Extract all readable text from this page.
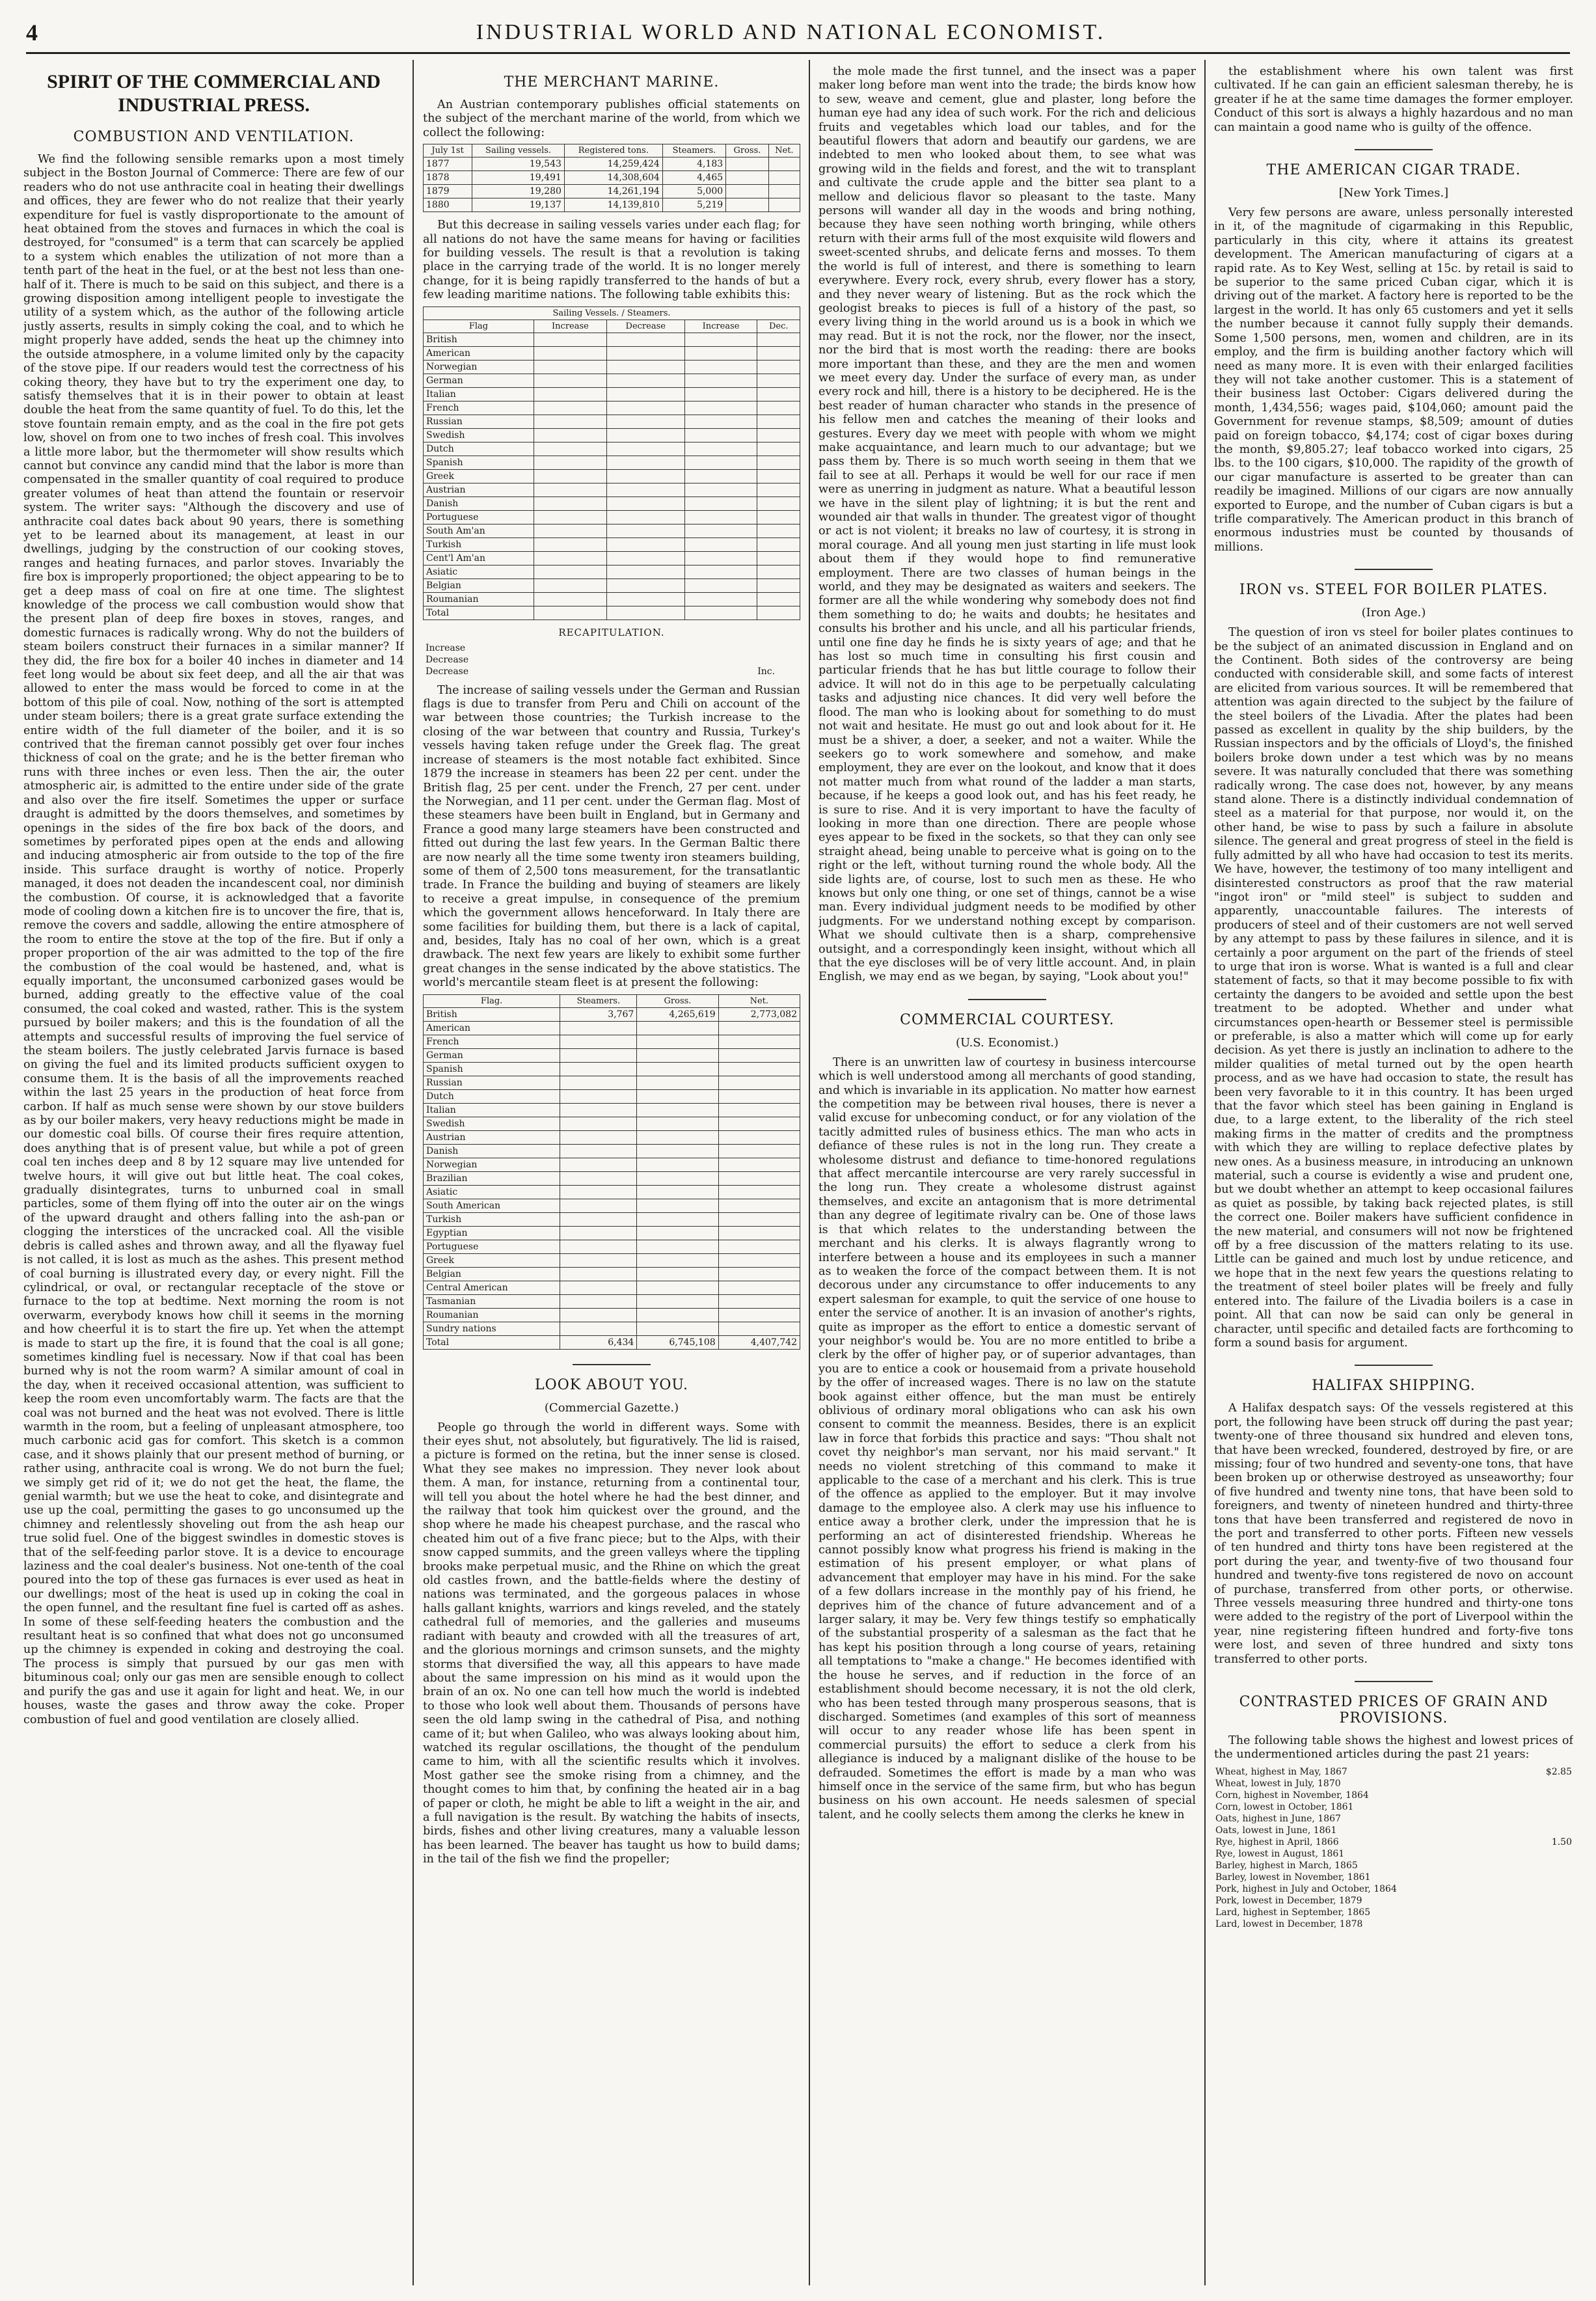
4	INDUSTRIAL WORLD AND NATIONAL ECONOMIST.
SPIRIT OF THE COMMERCIAL AND INDUSTRIAL PRESS.
COMBUSTION AND VENTILATION.

We find the following sensible remarks upon a most timely subject in the Boston Journal of Commerce: There are few of our readers who do not use anthracite coal in heating their dwellings and offices, they are fewer who do not realize that their yearly expenditure for fuel is vastly disproportionate to the amount of heat obtained from the stoves and furnaces in which the coal is destroyed, for "consumed" is a term that can scarcely be applied to a system which enables the utilization of not more than a tenth part of the heat in the fuel, or at the best not less than one-half of it. There is much to be said on this subject, and there is a growing disposition among intelligent people to investigate the utility of a system which, as the author of the following article justly asserts, results in simply coking the coal, and to which he might properly have added, sends the heat up the chimney into the outside atmosphere, in a volume limited only by the capacity of the stove pipe. If our readers would test the correctness of his coking theory, they have but to try the experiment one day, to satisfy themselves that it is in their power to obtain at least double the heat from the same quantity of fuel. To do this, let the stove fountain remain empty, and as the coal in the fire pot gets low, shovel on from one to two inches of fresh coal. This involves a little more labor, but the thermometer will show results which cannot but convince any candid mind that the labor is more than compensated in the smaller quantity of coal required to produce greater volumes of heat than attend the fountain or reservoir system. The writer says: "Although the discovery and use of anthracite coal dates back about 90 years, there is something yet to be learned about its management, at least in our dwellings, judging by the construction of our cooking stoves, ranges and heating furnaces, and parlor stoves. Invariably the fire box is improperly proportioned; the object appearing to be to get a deep mass of coal on fire at one time. The slightest knowledge of the process we call combustion would show that the present plan of deep fire boxes in stoves, ranges, and domestic furnaces is radically wrong. Why do not the builders of steam boilers construct their furnaces in a similar manner? If they did, the fire box for a boiler 40 inches in diameter and 14 feet long would be about six feet deep, and all the air that was allowed to enter the mass would be forced to come in at the bottom of this pile of coal. Now, nothing of the sort is attempted under steam boilers; there is a great grate surface extending the entire width of the full diameter of the boiler, and it is so contrived that the fireman cannot possibly get over four inches thickness of coal on the grate; and he is the better fireman who runs with three inches or even less. Then the air, the outer atmospheric air, is admitted to the entire under side of the grate and also over the fire itself. Sometimes the upper or surface draught is admitted by the doors themselves, and sometimes by openings in the sides of the fire box back of the doors, and sometimes by perforated pipes open at the ends and allowing and inducing atmospheric air from outside to the top of the fire inside. This surface draught is worthy of notice. Properly managed, it does not deaden the incandescent coal, nor diminish the combustion. Of course, it is acknowledged that a favorite mode of cooling down a kitchen fire is to uncover the fire, that is, remove the covers and saddle, allowing the entire atmosphere of the room to entire the stove at the top of the fire. But if only a proper proportion of the air was admitted to the top of the fire the combustion of the coal would be hastened, and, what is equally important, the unconsumed carbonized gases would be burned, adding greatly to the effective value of the coal consumed, the coal coked and wasted, rather. This is the system pursued by boiler makers; and this is the foundation of all the attempts and successful results of improving the fuel service of the steam boilers. The justly celebrated Jarvis furnace is based on giving the fuel and its limited products sufficient oxygen to consume them. It is the basis of all the improvements reached within the last 25 years in the production of heat force from carbon. If half as much sense were shown by our stove builders as by our boiler makers, very heavy reductions might be made in our domestic coal bills. Of course their fires require attention, does anything that is of present value, but while a pot of green coal ten inches deep and 8 by 12 square may live untended for twelve hours, it will give out but little heat. The coal cokes, gradually disintegrates, turns to unburned coal in small particles, some of them flying off into the outer air on the wings of the upward draught and others falling into the ash-pan or clogging the interstices of the uncracked coal. All the visible debris is called ashes and thrown away, and all the flyaway fuel is not called, it is lost as much as the ashes. This present method of coal burning is illustrated every day, or every night. Fill the cylindrical, or oval, or rectangular receptacle of the stove or furnace to the top at bedtime. Next morning the room is not overwarm, everybody knows how chill it seems in the morning and how cheerful it is to start the fire up. Yet when the attempt is made to start up the fire, it is found that the coal is all gone; sometimes kindling fuel is necessary. Now if that coal has been burned why is not the room warm? A similar amount of coal in the day, when it received occasional attention, was sufficient to keep the room even uncomfortably warm. The facts are that the coal was not burned and the heat was not evolved. There is little warmth in the room, but a feeling of unpleasant atmosphere, too much carbonic acid gas for comfort. This sketch is a common case, and it shows plainly that our present method of burning, or rather using, anthracite coal is wrong. We do not burn the fuel; we simply get rid of it; we do not get the heat, the flame, the genial warmth; but we use the heat to coke, and disintegrate and use up the coal, permitting the gases to go unconsumed up the chimney and relentlessly shoveling out from the ash heap our true solid fuel. One of the biggest swindles in domestic stoves is that of the self-feeding parlor stove. It is a device to encourage laziness and the coal dealer's business. Not one-tenth of the coal poured into the top of these gas furnaces is ever used as heat in our dwellings; most of the heat is used up in coking the coal in the open funnel, and the resultant fine fuel is carted off as ashes. In some of these self-feeding heaters the combustion and the resultant heat is so confined that what does not go unconsumed up the chimney is expended in coking and destroying the coal. The process is simply that pursued by our gas men with bituminous coal; only our gas men are sensible enough to collect and purify the gas and use it again for light and heat. We, in our houses, waste the gases and throw away the coke. Proper combustion of fuel and good ventilation are closely allied.

THE MERCHANT MARINE.

An Austrian contemporary publishes official statements on the subject of the merchant marine of the world, from which we collect the following:

July 1st	Sailing vessels.	Registered tons.	Steamers.	Gross.	Net.
1877	19,543	14,259,424	4,183		
1878	19,491	14,308,604	4,465		
1879	19,280	14,261,194	5,000		
1880	19,137	14,139,810	5,219		

But this decrease in sailing vessels varies under each flag; for all nations do not have the same means for having or facilities for building vessels. The result is that a revolution is taking place in the carrying trade of the world. It is no longer merely change, for it is being rapidly transferred to the hands of but a few leading maritime nations. The following table exhibits this:

Sailing Vessels. / Steamers.				
Flag	Increase	Decrease	Increase	Dec.
British				
American				
Norwegian				
German				
Italian				
French				
Russian				
Swedish				
Dutch				
Spanish				
Greek				
Austrian				
Danish				
Portuguese				
South Am'an				
Turkish				
Cent'l Am'an				
Asiatic				
Belgian				
Roumanian				
Total				
RECAPITULATION.
Increase				
Decrease				
Decrease			Inc.	

The increase of sailing vessels under the German and Russian flags is due to transfer from Peru and Chili on account of the war between those countries; the Turkish increase to the closing of the war between that country and Russia, Turkey's vessels having taken refuge under the Greek flag. The great increase of steamers is the most notable fact exhibited. Since 1879 the increase in steamers has been 22 per cent. under the British flag, 25 per cent. under the French, 27 per cent. under the Norwegian, and 11 per cent. under the German flag. Most of these steamers have been built in England, but in Germany and France a good many large steamers have been constructed and fitted out during the last few years. In the German Baltic there are now nearly all the time some twenty iron steamers building, some of them of 2,500 tons measurement, for the transatlantic trade. In France the building and buying of steamers are likely to receive a great impulse, in consequence of the premium which the government allows henceforward. In Italy there are some facilities for building them, but there is a lack of capital, and, besides, Italy has no coal of her own, which is a great drawback. The next few years are likely to exhibit some further great changes in the sense indicated by the above statistics. The world's mercantile steam fleet is at present the following:

Flag.	Steamers.	Gross.	Net.
British	3,767	4,265,619	2,773,082
American			
French			
German			
Spanish			
Russian			
Dutch			
Italian			
Swedish			
Austrian			
Danish			
Norwegian			
Brazilian			
Asiatic			
South American			
Turkish			
Egyptian			
Portuguese			
Greek			
Belgian			
Central American			
Tasmanian			
Roumanian			
Sundry nations			
Total	6,434	6,745,108	4,407,742
LOOK ABOUT YOU.
(Commercial Gazette.)

People go through the world in different ways. Some with their eyes shut, not absolutely, but figuratively. The lid is raised, a picture is formed on the retina, but the inner sense is closed. What they see makes no impression. They never look about them. A man, for instance, returning from a continental tour, will tell you about the hotel where he had the best dinner, and the railway that took him quickest over the ground, and the shop where he made his cheapest purchase, and the rascal who cheated him out of a five franc piece; but to the Alps, with their snow capped summits, and the green valleys where the tippling brooks make perpetual music, and the Rhine on which the great old castles frown, and the battle-fields where the destiny of nations was terminated, and the gorgeous palaces in whose halls gallant knights, warriors and kings reveled, and the stately cathedral full of memories, and the galleries and museums radiant with beauty and crowded with all the treasures of art, and the glorious mornings and crimson sunsets, and the mighty storms that diversified the way, all this appears to have made about the same impression on his mind as it would upon the brain of an ox. No one can tell how much the world is indebted to those who look well about them. Thousands of persons have seen the old lamp swing in the cathedral of Pisa, and nothing came of it; but when Galileo, who was always looking about him, watched its regular oscillations, the thought of the pendulum came to him, with all the scientific results which it involves. Most gather see the smoke rising from a chimney, and the thought comes to him that, by confining the heated air in a bag of paper or cloth, he might be able to lift a weight in the air, and a full navigation is the result. By watching the habits of insects, birds, fishes and other living creatures, many a valuable lesson has been learned. The beaver has taught us how to build dams; in the tail of the fish we find the propeller;

the mole made the first tunnel, and the insect was a paper maker long before man went into the trade; the birds know how to sew, weave and cement, glue and plaster, long before the human eye had any idea of such work. For the rich and delicious fruits and vegetables which load our tables, and for the beautiful flowers that adorn and beautify our gardens, we are indebted to men who looked about them, to see what was growing wild in the fields and forest, and the wit to transplant and cultivate the crude apple and the bitter sea plant to a mellow and delicious flavor so pleasant to the taste. Many persons will wander all day in the woods and bring nothing, because they have seen nothing worth bringing, while others return with their arms full of the most exquisite wild flowers and sweet-scented shrubs, and delicate ferns and mosses. To them the world is full of interest, and there is something to learn everywhere. Every rock, every shrub, every flower has a story, and they never weary of listening. But as the rock which the geologist breaks to pieces is full of a history of the past, so every living thing in the world around us is a book in which we may read. But it is not the rock, nor the flower, nor the insect, nor the bird that is most worth the reading: there are books more important than these, and they are the men and women we meet every day. Under the surface of every man, as under every rock and hill, there is a history to be deciphered. He is the best reader of human character who stands in the presence of his fellow men and catches the meaning of their looks and gestures. Every day we meet with people with whom we might make acquaintance, and learn much to our advantage; but we pass them by. There is so much worth seeing in them that we fail to see at all. Perhaps it would be well for our race if men were as unerring in judgment as nature. What a beautiful lesson we have in the silent play of lightning; it is but the rent and wounded air that walls in thunder. The greatest vigor of thought or act is not violent; it breaks no law of courtesy, it is strong in moral courage. And all young men just starting in life must look about them if they would hope to find remunerative employment. There are two classes of human beings in the world, and they may be designated as waiters and seekers. The former are all the while wondering why somebody does not find them something to do; he waits and doubts; he hesitates and consults his brother and his uncle, and all his particular friends, until one fine day he finds he is sixty years of age; and that he has lost so much time in consulting his first cousin and particular friends that he has but little courage to follow their advice. It will not do in this age to be perpetually calculating tasks and adjusting nice chances. It did very well before the flood. The man who is looking about for something to do must not wait and hesitate. He must go out and look about for it. He must be a shiver, a doer, a seeker, and not a waiter. While the seekers go to work somewhere and somehow, and make employment, they are ever on the lookout, and know that it does not matter much from what round of the ladder a man starts, because, if he keeps a good look out, and has his feet ready, he is sure to rise. And it is very important to have the faculty of looking in more than one direction. There are people whose eyes appear to be fixed in the sockets, so that they can only see straight ahead, being unable to perceive what is going on to the right or the left, without turning round the whole body. All the side lights are, of course, lost to such men as these. He who knows but only one thing, or one set of things, cannot be a wise man. Every individual judgment needs to be modified by other judgments. For we understand nothing except by comparison. What we should cultivate then is a sharp, comprehensive outsight, and a correspondingly keen insight, without which all that the eye discloses will be of very little account. And, in plain English, we may end as we began, by saying, "Look about you!"

COMMERCIAL COURTESY.
(U.S. Economist.)

There is an unwritten law of courtesy in business intercourse which is well understood among all merchants of good standing, and which is invariable in its application. No matter how earnest the competition may be between rival houses, there is never a valid excuse for unbecoming conduct, or for any violation of the tacitly admitted rules of business ethics. The man who acts in defiance of these rules is not in the long run. They create a wholesome distrust and defiance to time-honored regulations that affect mercantile intercourse are very rarely successful in the long run. They create a wholesome distrust against themselves, and excite an antagonism that is more detrimental than any degree of legitimate rivalry can be. One of those laws is that which relates to the understanding between the merchant and his clerks. It is always flagrantly wrong to interfere between a house and its employees in such a manner as to weaken the force of the compact between them. It is not decorous under any circumstance to offer inducements to any expert salesman for example, to quit the service of one house to enter the service of another. It is an invasion of another's rights, quite as improper as the effort to entice a domestic servant of your neighbor's would be. You are no more entitled to bribe a clerk by the offer of higher pay, or of superior advantages, than you are to entice a cook or housemaid from a private household by the offer of increased wages. There is no law on the statute book against either offence, but the man must be entirely oblivious of ordinary moral obligations who can ask his own consent to commit the meanness. Besides, there is an explicit law in force that forbids this practice and says: "Thou shalt not covet thy neighbor's man servant, nor his maid servant." It needs no violent stretching of this command to make it applicable to the case of a merchant and his clerk. This is true of the offence as applied to the employer. But it may involve damage to the employee also. A clerk may use his influence to entice away a brother clerk, under the impression that he is performing an act of disinterested friendship. Whereas he cannot possibly know what progress his friend is making in the estimation of his present employer, or what plans of advancement that employer may have in his mind. For the sake of a few dollars increase in the monthly pay of his friend, he deprives him of the chance of future advancement and of a larger salary, it may be. Very few things testify so emphatically of the substantial prosperity of a salesman as the fact that he has kept his position through a long course of years, retaining all temptations to "make a change." He becomes identified with the house he serves, and if reduction in the force of an establishment should become necessary, it is not the old clerk, who has been tested through many prosperous seasons, that is discharged. Sometimes (and examples of this sort of meanness will occur to any reader whose life has been spent in commercial pursuits) the effort to seduce a clerk from his allegiance is induced by a malignant dislike of the house to be defrauded. Sometimes the effort is made by a man who was himself once in the service of the same firm, but who has begun business on his own account. He needs salesmen of special talent, and he coolly selects them among the clerks he knew in

the establishment where his own talent was first cultivated. If he can gain an efficient salesman thereby, he is greater if he at the same time damages the former employer. Conduct of this sort is always a highly hazardous and no man can maintain a good name who is guilty of the offence.

THE AMERICAN CIGAR TRADE.
[New York Times.]

Very few persons are aware, unless personally interested in it, of the magnitude of cigarmaking in this Republic, particularly in this city, where it attains its greatest development. The American manufacturing of cigars at a rapid rate. As to Key West, selling at 15c. by retail is said to be superior to the same priced Cuban cigar, which it is driving out of the market. A factory here is reported to be the largest in the world. It has only 65 customers and yet it sells the number because it cannot fully supply their demands. Some 1,500 persons, men, women and children, are in its employ, and the firm is building another factory which will need as many more. It is even with their enlarged facilities they will not take another customer. This is a statement of their business last October: Cigars delivered during the month, 1,434,556; wages paid, $104,060; amount paid the Government for revenue stamps, $8,509; amount of duties paid on foreign tobacco, $4,174; cost of cigar boxes during the month, $9,805.27; leaf tobacco worked into cigars, 25 lbs. to the 100 cigars, $10,000. The rapidity of the growth of our cigar manufacture is asserted to be greater than can readily be imagined. Millions of our cigars are now annually exported to Europe, and the number of Cuban cigars is but a trifle comparatively. The American product in this branch of enormous industries must be counted by thousands of millions.

IRON vs. STEEL FOR BOILER PLATES.
(Iron Age.)

The question of iron vs steel for boiler plates continues to be the subject of an animated discussion in England and on the Continent. Both sides of the controversy are being conducted with considerable skill, and some facts of interest are elicited from various sources. It will be remembered that attention was again directed to the subject by the failure of the steel boilers of the Livadia. After the plates had been passed as excellent in quality by the ship builders, by the Russian inspectors and by the officials of Lloyd's, the finished boilers broke down under a test which was by no means severe. It was naturally concluded that there was something radically wrong. The case does not, however, by any means stand alone. There is a distinctly individual condemnation of steel as a material for that purpose, nor would it, on the other hand, be wise to pass by such a failure in absolute silence. The general and great progress of steel in the field is fully admitted by all who have had occasion to test its merits. We have, however, the testimony of too many intelligent and disinterested constructors as proof that the raw material "ingot iron" or "mild steel" is subject to sudden and apparently, unaccountable failures. The interests of producers of steel and of their customers are not well served by any attempt to pass by these failures in silence, and it is certainly a poor argument on the part of the friends of steel to urge that iron is worse. What is wanted is a full and clear statement of facts, so that it may become possible to fix with certainty the dangers to be avoided and settle upon the best treatment to be adopted. Whether and under what circumstances open-hearth or Bessemer steel is permissible or preferable, is also a matter which will come up for early decision. As yet there is justly an inclination to adhere to the milder qualities of metal turned out by the open hearth process, and as we have had occasion to state, the result has been very favorable to it in this country. It has been urged that the favor which steel has been gaining in England is due, to a large extent, to the liberality of the rich steel making firms in the matter of credits and the promptness with which they are willing to replace defective plates by new ones. As a business measure, in introducing an unknown material, such a course is evidently a wise and prudent one, but we doubt whether an attempt to keep occasional failures as quiet as possible, by taking back rejected plates, is still the correct one. Boiler makers have sufficient confidence in the new material, and consumers will not now be frightened off by a free discussion of the matters relating to its use. Little can be gained and much lost by undue reticence, and we hope that in the next few years the questions relating to the treatment of steel boiler plates will be freely and fully entered into. The failure of the Livadia boilers is a case in point. All that can now be said can only be general in character, until specific and detailed facts are forthcoming to form a sound basis for argument.

HALIFAX SHIPPING.

A Halifax despatch says: Of the vessels registered at this port, the following have been struck off during the past year; twenty-one of three thousand six hundred and eleven tons, that have been wrecked, foundered, destroyed by fire, or are missing; four of two hundred and seventy-one tons, that have been broken up or otherwise destroyed as unseaworthy; four of five hundred and twenty nine tons, that have been sold to foreigners, and twenty of nineteen hundred and thirty-three tons that have been transferred and registered de novo in the port and transferred to other ports. Fifteen new vessels of ten hundred and thirty tons have been registered at the port during the year, and twenty-five of two thousand four hundred and twenty-five tons registered de novo on account of purchase, transferred from other ports, or otherwise. Three vessels measuring three hundred and thirty-one tons were added to the registry of the port of Liverpool within the year, nine registering fifteen hundred and forty-five tons were lost, and seven of three hundred and sixty tons transferred to other ports.

CONTRASTED PRICES OF GRAIN AND PROVISIONS.

The following table shows the highest and lowest prices of the undermentioned articles during the past 21 years:

Wheat, highest in May, 1867	$2.85
Wheat, lowest in July, 1870	
Corn, highest in November, 1864	
Corn, lowest in October, 1861	
Oats, highest in June, 1867	
Oats, lowest in June, 1861	
Rye, highest in April, 1866	1.50
Rye, lowest in August, 1861	
Barley, highest in March, 1865	
Barley, lowest in November, 1861	
Pork, highest in July and October, 1864	
Pork, lowest in December, 1879	
Lard, highest in September, 1865	
Lard, lowest in December, 1878	
